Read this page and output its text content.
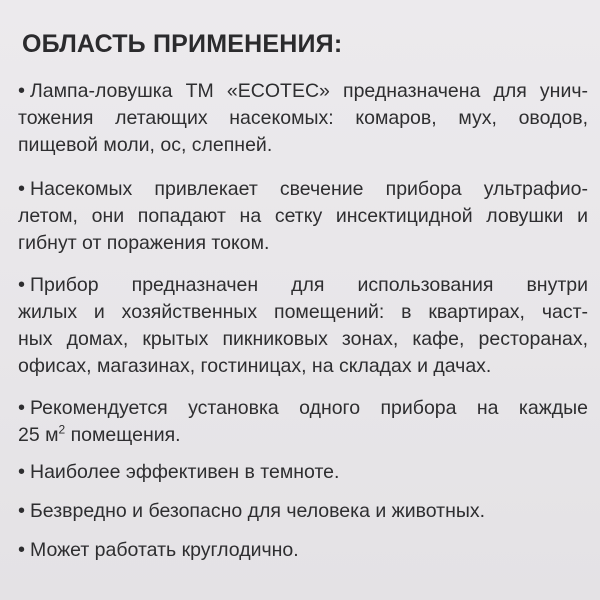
ОБЛАСТЬ ПРИМЕНЕНИЯ:
• Лампа-ловушка ТМ «ECOTEC» предназначена для унич-
тожения летающих насекомых: комаров, мух, оводов,
пищевой моли, ос, слепней.
• Насекомых привлекает свечение прибора ультрафио-
летом, они попадают на сетку инсектицидной ловушки и
гибнут от поражения током.
• Прибор предназначен для использования внутри
жилых и хозяйственных помещений: в квартирах, част-
ных домах, крытых пикниковых зонах, кафе, ресторанах,
офисах, магазинах, гостиницах, на складах и дачах.
• Рекомендуется установка одного прибора на каждые
25 $м^2$ помещения.
• Наиболее эффективен в темноте.
• Безвредно и безопасно для человека и животных.
• Может работать круглодично.
